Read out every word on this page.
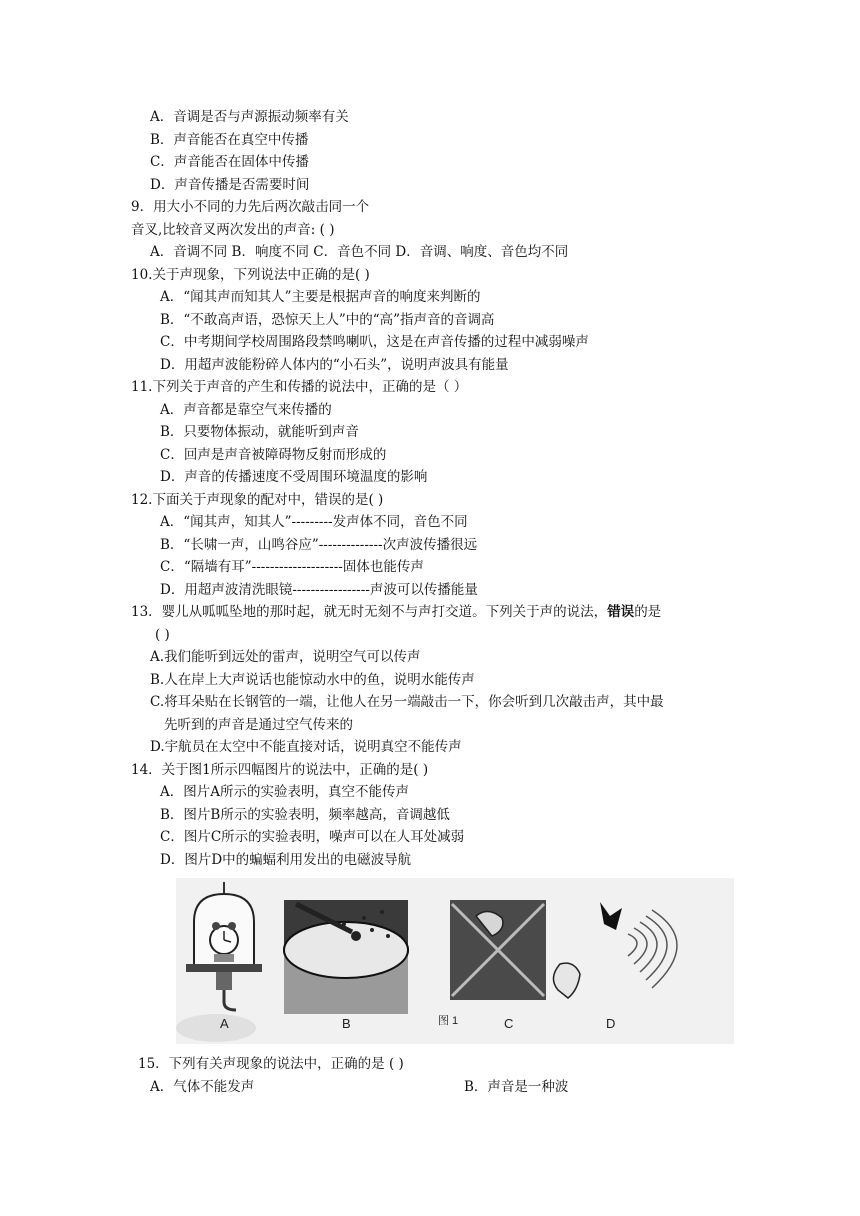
A．音调是否与声源振动频率有关
B．声音能否在真空中传播
C．声音能否在固体中传播
D．声音传播是否需要时间
9．用大小不同的力先后两次敲击同一个
音叉,比较音叉两次发出的声音: ( )
A．音调不同 B．响度不同 C．音色不同 D．音调、响度、音色均不同
10.关于声现象，下列说法中正确的是( )
A．“闻其声而知其人”主要是根据声音的响度来判断的
B．“不敢高声语，恐惊天上人”中的“高”指声音的音调高
C．中考期间学校周围路段禁鸣喇叭，这是在声音传播的过程中减弱噪声
D．用超声波能粉碎人体内的“小石头”，说明声波具有能量
11.下列关于声音的产生和传播的说法中，正确的是（ ）
A．声音都是靠空气来传播的
B．只要物体振动，就能听到声音
C．回声是声音被障碍物反射而形成的
D．声音的传播速度不受周围环境温度的影响
12.下面关于声现象的配对中，错误的是( )
A．“闻其声，知其人”---------发声体不同，音色不同
B．“长啸一声，山鸣谷应”--------------次声波传播很远
C．“隔墙有耳”--------------------固体也能传声
D．用超声波清洗眼镜-----------------声波可以传播能量
13．婴儿从呱呱坠地的那时起，就无时无刻不与声打交道。下列关于声的说法，错误的是
( )
A.我们能听到远处的雷声，说明空气可以传声
B.人在岸上大声说话也能惊动水中的鱼，说明水能传声
C.将耳朵贴在长钢管的一端，让他人在另一端敲击一下，你会听到几次敲击声，其中最
先听到的声音是通过空气传来的
D.宇航员在太空中不能直接对话，说明真空不能传声
14．关于图1所示四幅图片的说法中，正确的是( )
A．图片A所示的实验表明，真空不能传声
B．图片B所示的实验表明，频率越高，音调越低
C．图片C所示的实验表明，噪声可以在人耳处减弱
D．图片D中的蝙蝠利用发出的电磁波导航
A	B	C	D
图 1
15．下列有关声现象的说法中，正确的是 ( )
A．气体不能发声	B．声音是一种波
